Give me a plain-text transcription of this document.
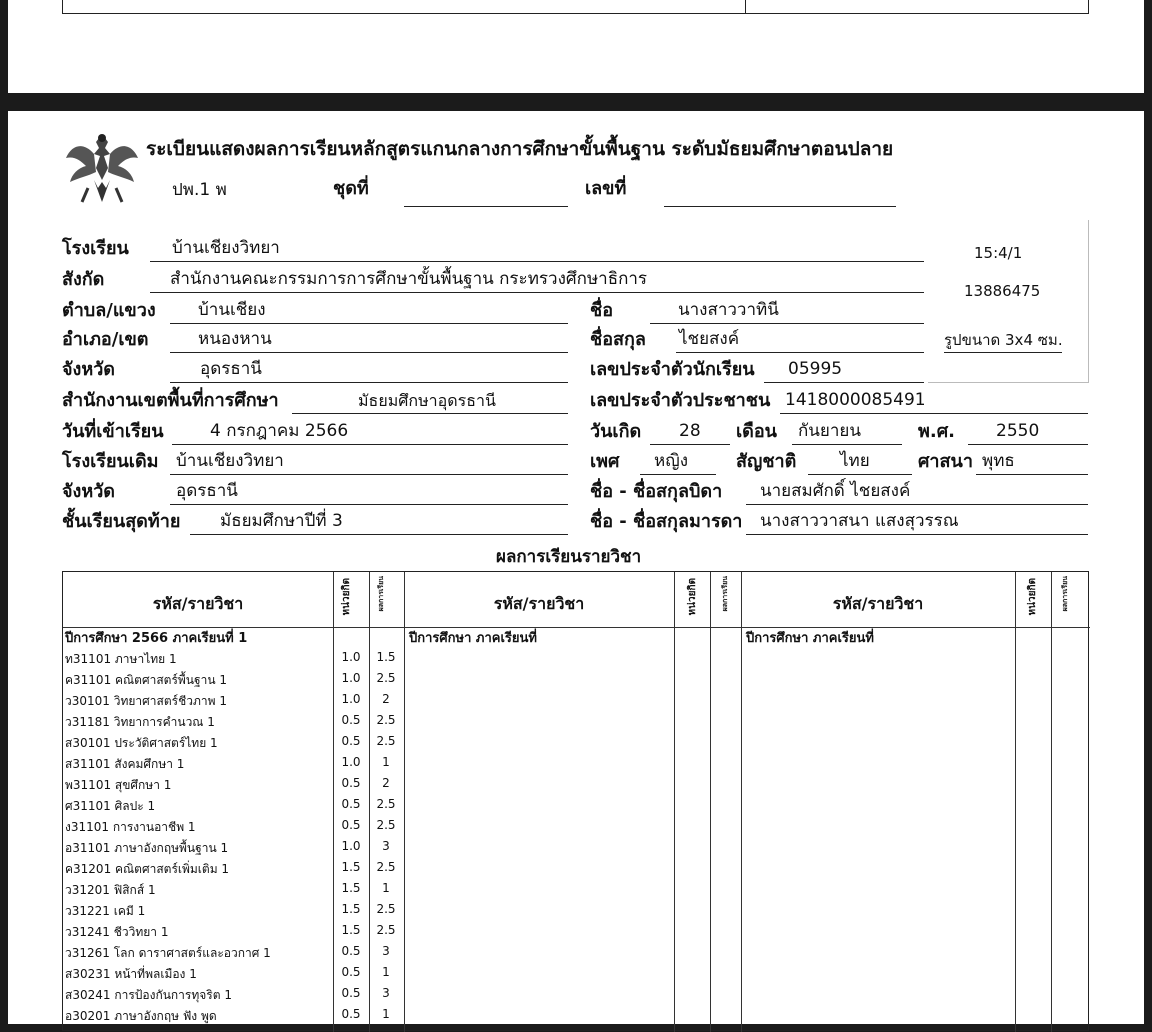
ระเบียนแสดงผลการเรียนหลักสูตรแกนกลางการศึกษาขั้นพื้นฐาน ระดับมัธยมศึกษาตอนปลาย
ปพ.1 พ	ชุดที่	เลขที่
15:4/1
13886475
รูปขนาด 3x4 ซม.
โรงเรียน	บ้านเชียงวิทยา
สังกัด	สำนักงานคณะกรรมการการศึกษาขั้นพื้นฐาน กระทรวงศึกษาธิการ
ตำบล/แขวง บ้านเชียง
อำเภอ/เขต	หนองหาน
จังหวัด	อุดรธานี
สำนักงานเขตพื้นที่การศึกษา	มัธยมศึกษาอุดรธานี
วันที่เข้าเรียน	4 กรกฎาคม 2566
โรงเรียนเดิม บ้านเชียงวิทยา
จังหวัด	อุดรธานี
ชั้นเรียนสุดท้าย มัธยมศึกษาปีที่ 3
ชื่อ	นางสาววาทินี
ชื่อสกุล ไชยสงค์
เลขประจำตัวนักเรียน 05995
เลขประจำตัวประชาชน 1418000085491
วันเกิด 28 เดือน กันยายน	พ.ศ. 2550
เพศ หญิง	สัญชาติ	ไทย	ศาสนา พุทธ
ชื่อ - ชื่อสกุลบิดา นายสมศักดิ์ ไชยสงค์
ชื่อ - ชื่อสกุลมารดา นางสาววาสนา แสงสุวรรณ
ผลการเรียนรายวิชา
รหัส/รายวิชา	หน่วยกิต	ผลการเรียน	รหัส/รายวิชา	หน่วยกิต	ผลการเรียน	รหัส/รายวิชา	หน่วยกิต	ผลการเรียน
ปีการศึกษา 2566 ภาคเรียนที่ 1	ปีการศึกษา ภาคเรียนที่	ปีการศึกษา ภาคเรียนที่
ท31101 ภาษาไทย 1	1.0	1.5
ค31101 คณิตศาสตร์พื้นฐาน 1	1.0	2.5
ว30101 วิทยาศาสตร์ชีวภาพ 1	1.0	2
ว31181 วิทยาการคำนวณ 1	0.5	2.5
ส30101 ประวัติศาสตร์ไทย 1	0.5	2.5
ส31101 สังคมศึกษา 1	1.0	1
พ31101 สุขศึกษา 1	0.5	2
ศ31101 ศิลปะ 1	0.5	2.5
ง31101 การงานอาชีพ 1	0.5	2.5
อ31101 ภาษาอังกฤษพื้นฐาน 1	1.0	3
ค31201 คณิตศาสตร์เพิ่มเติม 1	1.5	2.5
ว31201 ฟิสิกส์ 1	1.5	1
ว31221 เคมี 1	1.5	2.5
ว31241 ชีววิทยา 1	1.5	2.5
ว31261 โลก ดาราศาสตร์และอวกาศ 1	0.5	3
ส30231 หน้าที่พลเมือง 1	0.5	1
ส30241 การป้องกันการทุจริต 1	0.5	3
อ30201 ภาษาอังกฤษ ฟัง พูด	0.5	1
